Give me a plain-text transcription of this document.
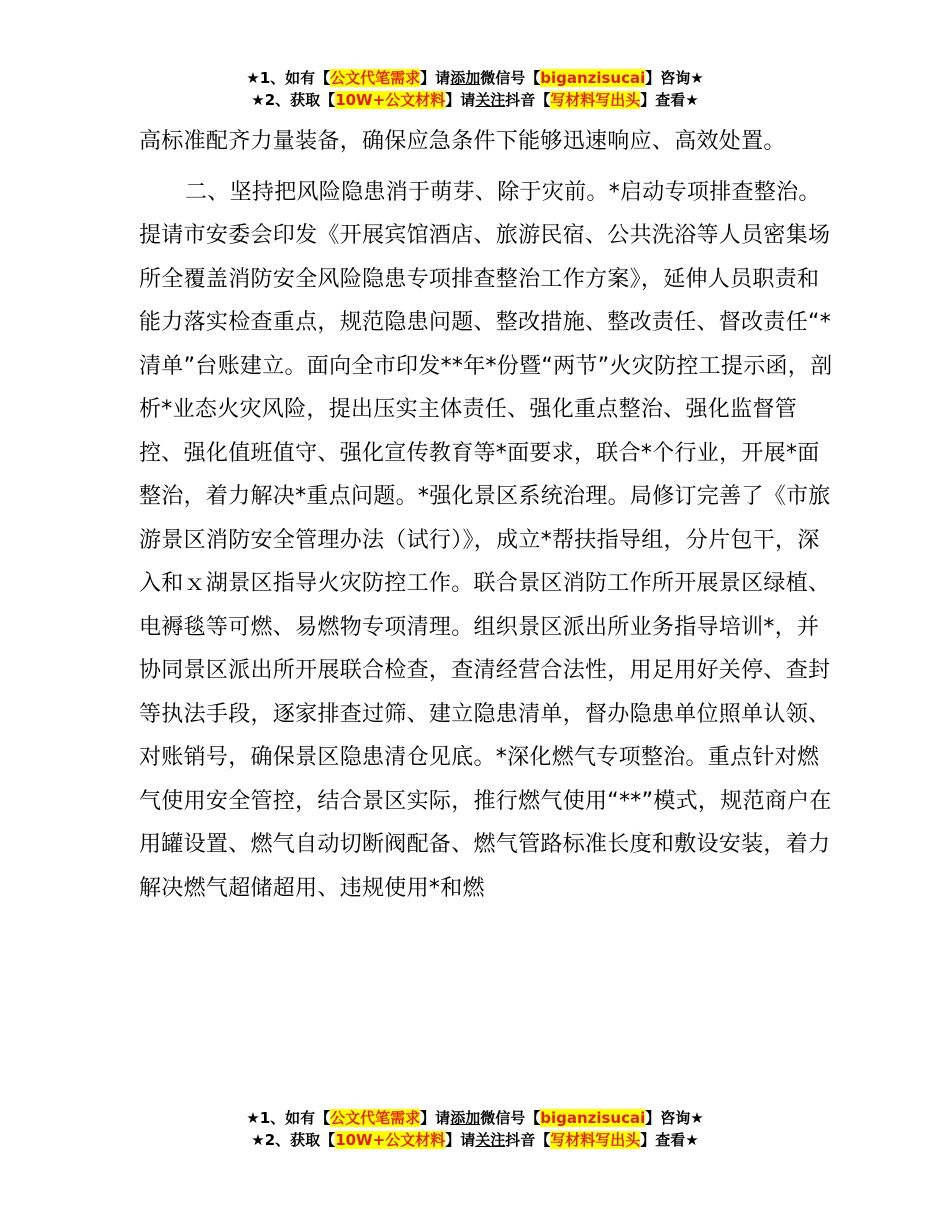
★1、如有【公文代笔需求】请添加微信号【biganzisucai】咨询★
★2、获取【10W+公文材料】请关注抖音【写材料写出头】查看★

高标准配齐力量装备，确保应急条件下能够迅速响应、高效处置。

二、坚持把风险隐患消于萌芽、除于灾前。*启动专项排查整治。提请市安委会印发《开展宾馆酒店、旅游民宿、公共洗浴等人员密集场所全覆盖消防安全风险隐患专项排查整治工作方案》，延伸人员职责和能力落实检查重点，规范隐患问题、整改措施、整改责任、督改责任“*清单”台账建立。面向全市印发**年*份暨“两节”火灾防控工提示函，剖析*业态火灾风险，提出压实主体责任、强化重点整治、强化监督管控、强化值班值守、强化宣传教育等*面要求，联合*个行业，开展*面整治，着力解决*重点问题。*强化景区系统治理。局修订完善了《市旅游景区消防安全管理办法（试行）》，成立*帮扶指导组，分片包干，深入和ｘ湖景区指导火灾防控工作。联合景区消防工作所开展景区绿植、电褥毯等可燃、易燃物专项清理。组织景区派出所业务指导培训*，并协同景区派出所开展联合检查，查清经营合法性，用足用好关停、查封等执法手段，逐家排查过筛、建立隐患清单，督办隐患单位照单认领、对账销号，确保景区隐患清仓见底。*深化燃气专项整治。重点针对燃气使用安全管控，结合景区实际，推行燃气使用“**”模式，规范商户在用罐设置、燃气自动切断阀配备、燃气管路标准长度和敷设安装，着力解决燃气超储超用、违规使用*和燃

★1、如有【公文代笔需求】请添加微信号【biganzisucai】咨询★
★2、获取【10W+公文材料】请关注抖音【写材料写出头】查看★
